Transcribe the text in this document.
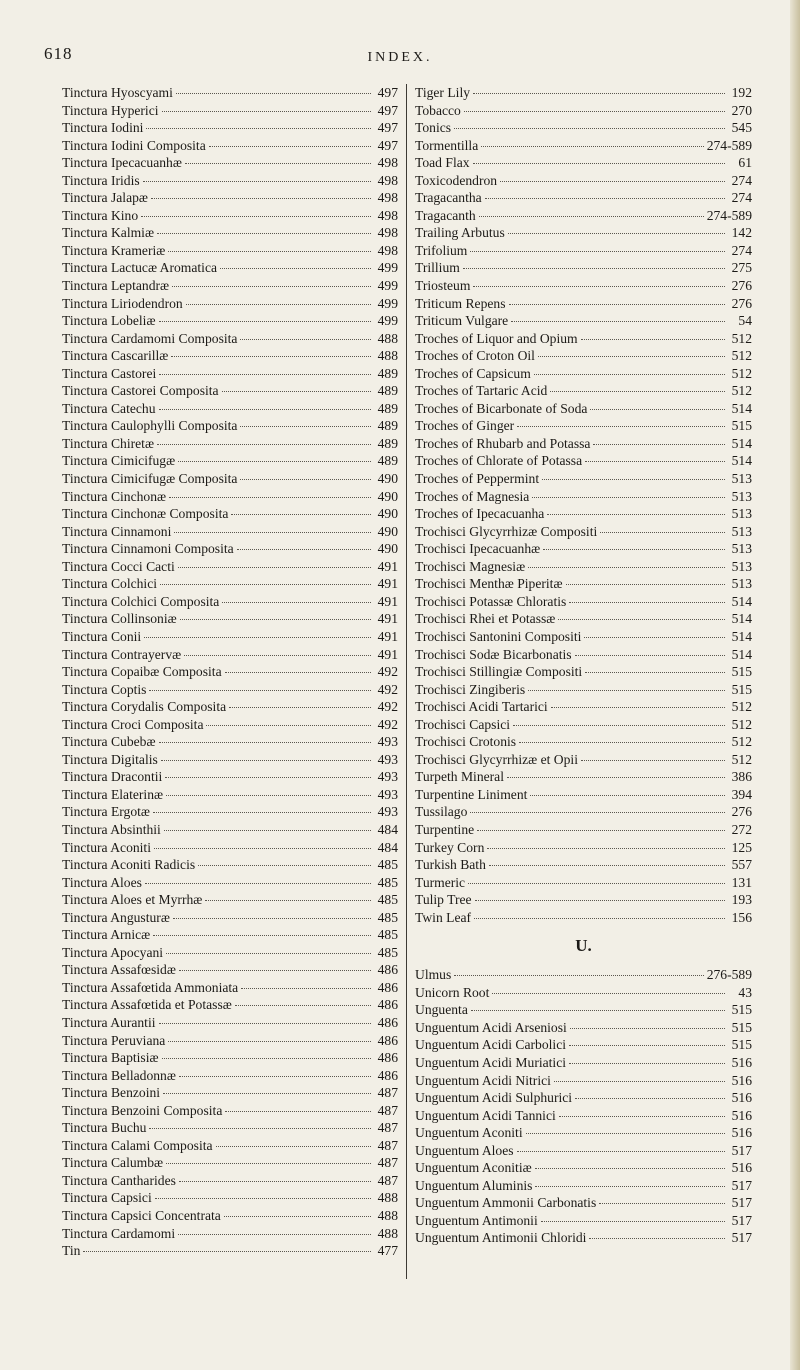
618	INDEX.
Tinctura Hyoscyami	497
Tinctura Hyperici	497
Tinctura Iodini	497
Tinctura Iodini Composita	497
Tinctura Ipecacuanhæ	498
Tinctura Iridis	498
Tinctura Jalapæ	498
Tinctura Kino	498
Tinctura Kalmiæ	498
Tinctura Krameriæ	498
Tinctura Lactucæ Aromatica	499
Tinctura Leptandræ	499
Tinctura Liriodendron	499
Tinctura Lobeliæ	499
Tinctura Cardamomi Composita	488
Tinctura Cascarillæ	488
Tinctura Castorei	489
Tinctura Castorei Composita	489
Tinctura Catechu	489
Tinctura Caulophylli Composita	489
Tinctura Chiretæ	489
Tinctura Cimicifugæ	489
Tinctura Cimicifugæ Composita	490
Tinctura Cinchonæ	490
Tinctura Cinchonæ Composita	490
Tinctura Cinnamoni	490
Tinctura Cinnamoni Composita	490
Tinctura Cocci Cacti	491
Tinctura Colchici	491
Tinctura Colchici Composita	491
Tinctura Collinsoniæ	491
Tinctura Conii	491
Tinctura Contrayervæ	491
Tinctura Copaibæ Composita	492
Tinctura Coptis	492
Tinctura Corydalis Composita	492
Tinctura Croci Composita	492
Tinctura Cubebæ	493
Tinctura Digitalis	493
Tinctura Dracontii	493
Tinctura Elaterinæ	493
Tinctura Ergotæ	493
Tinctura Absinthii	484
Tinctura Aconiti	484
Tinctura Aconiti Radicis	485
Tinctura Aloes	485
Tinctura Aloes et Myrrhæ	485
Tinctura Angusturæ	485
Tinctura Arnicæ	485
Tinctura Apocyani	485
Tinctura Assafœsidæ	486
Tinctura Assafœtida Ammoniata	486
Tinctura Assafœtida et Potassæ	486
Tinctura Aurantii	486
Tinctura Peruviana	486
Tinctura Baptisiæ	486
Tinctura Belladonnæ	486
Tinctura Benzoini	487
Tinctura Benzoini Composita	487
Tinctura Buchu	487
Tinctura Calami Composita	487
Tinctura Calumbæ	487
Tinctura Cantharides	487
Tinctura Capsici	488
Tinctura Capsici Concentrata	488
Tinctura Cardamomi	488
Tin	477
Tiger Lily	192
Tobacco	270
Tonics	545
Tormentilla	274-589
Toad Flax	61
Toxicodendron	274
Tragacantha	274
Tragacanth	274-589
Trailing Arbutus	142
Trifolium	274
Trillium	275
Triosteum	276
Triticum Repens	276
Triticum Vulgare	54
Troches of Liquor and Opium	512
Troches of Croton Oil	512
Troches of Capsicum	512
Troches of Tartaric Acid	512
Troches of Bicarbonate of Soda	514
Troches of Ginger	515
Troches of Rhubarb and Potassa	514
Troches of Chlorate of Potassa	514
Troches of Peppermint	513
Troches of Magnesia	513
Troches of Ipecacuanha	513
Trochisci Glycyrrhizæ Compositi	513
Trochisci Ipecacuanhæ	513
Trochisci Magnesiæ	513
Trochisci Menthæ Piperitæ	513
Trochisci Potassæ Chloratis	514
Trochisci Rhei et Potassæ	514
Trochisci Santonini Compositi	514
Trochisci Sodæ Bicarbonatis	514
Trochisci Stillingiæ Compositi	515
Trochisci Zingiberis	515
Trochisci Acidi Tartarici	512
Trochisci Capsici	512
Trochisci Crotonis	512
Trochisci Glycyrrhizæ et Opii	512
Turpeth Mineral	386
Turpentine Liniment	394
Tussilago	276
Turpentine	272
Turkey Corn	125
Turkish Bath	557
Turmeric	131
Tulip Tree	193
Twin Leaf	156
U.
Ulmus	276-589
Unicorn Root	43
Unguenta	515
Unguentum Acidi Arseniosi	515
Unguentum Acidi Carbolici	515
Unguentum Acidi Muriatici	516
Unguentum Acidi Nitrici	516
Unguentum Acidi Sulphurici	516
Unguentum Acidi Tannici	516
Unguentum Aconiti	516
Unguentum Aloes	517
Unguentum Aconitiæ	516
Unguentum Aluminis	517
Unguentum Ammonii Carbonatis	517
Unguentum Antimonii	517
Unguentum Antimonii Chloridi	517
